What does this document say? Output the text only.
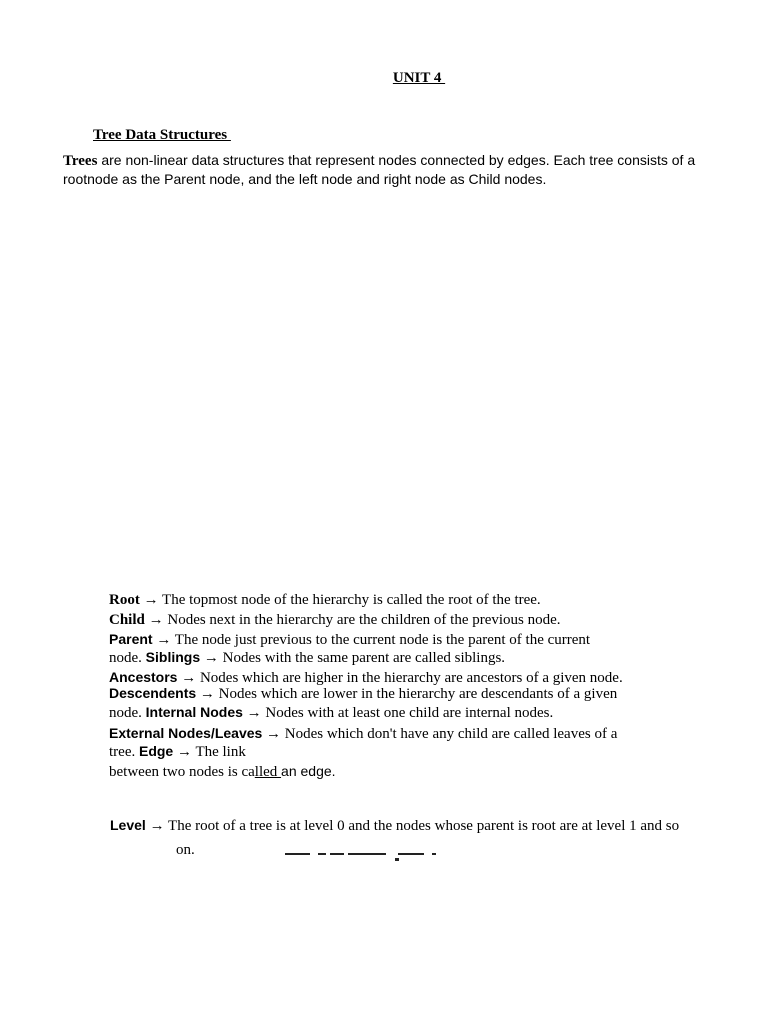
UNIT 4
Tree Data Structures
Trees are non-linear data structures that represent nodes connected by edges. Each tree consists of a rootnode as the Parent node, and the left node and right node as Child nodes.
Root → The topmost node of the hierarchy is called the root of the tree.
Child → Nodes next in the hierarchy are the children of the previous node.
Parent → The node just previous to the current node is the parent of the current
node. Siblings → Nodes with the same parent are called siblings.
Ancestors → Nodes which are higher in the hierarchy are ancestors of a given node.
Descendents → Nodes which are lower in the hierarchy are descendants of a given
node. Internal Nodes → Nodes with at least one child are internal nodes.
External Nodes/Leaves → Nodes which don't have any child are called leaves of a
tree. Edge → The link
between two nodes is called an edge.
Level → The root of a tree is at level 0 and the nodes whose parent is root are at level 1 and so
on.
